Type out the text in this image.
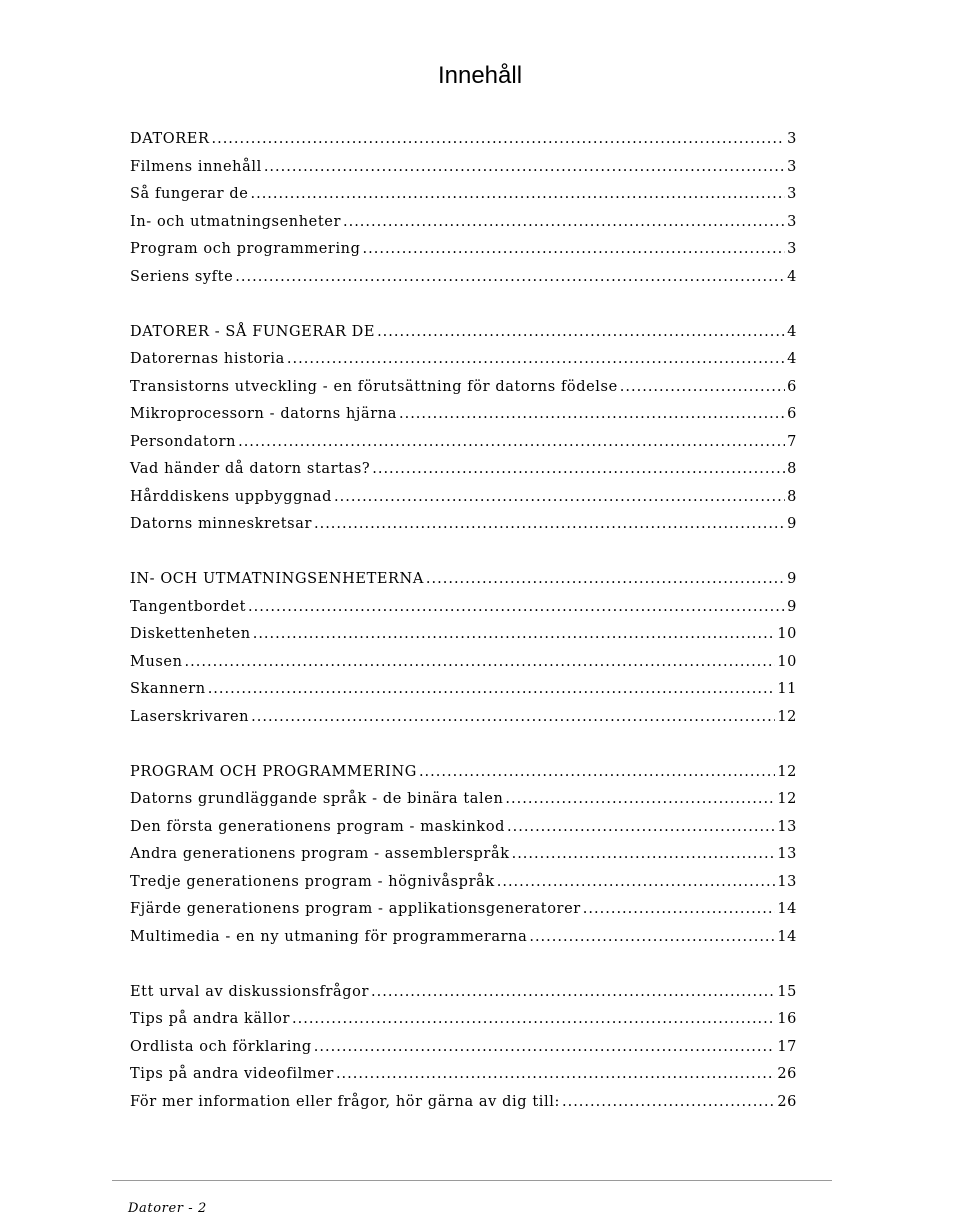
Innehåll
DATORER .....	3
Filmens innehåll .....	3
Så fungerar de .....	3
In- och utmatningsenheter .....	3
Program och programmering .....	3
Seriens syfte .....	4
DATORER - SÅ FUNGERAR DE .....	4
Datorernas historia .....	4
Transistorns utveckling - en förutsättning för datorns födelse .....	6
Mikroprocessorn - datorns hjärna .....	6
Persondatorn .....	7
Vad händer då datorn startas? .....	8
Hårddiskens uppbyggnad .....	8
Datorns minneskretsar .....	9
IN- OCH UTMATNINGSENHETERNA .....	9
Tangentbordet .....	9
Diskettenheten .....	10
Musen .....	10
Skannern .....	11
Laserskrivaren .....	12
PROGRAM OCH PROGRAMMERING .....	12
Datorns grundläggande språk - de binära talen .....	12
Den första generationens program - maskinkod .....	13
Andra generationens program - assemblerspråk .....	13
Tredje generationens program - högnivåspråk .....	13
Fjärde generationens program - applikationsgeneratorer .....	14
Multimedia - en ny utmaning för programmerarna .....	14
Ett urval av diskussionsfrågor .....	15
Tips på andra källor .....	16
Ordlista och förklaring .....	17
Tips på andra videofilmer .....	26
För mer information eller frågor, hör gärna av dig till: .....	26
Datorer - 2
